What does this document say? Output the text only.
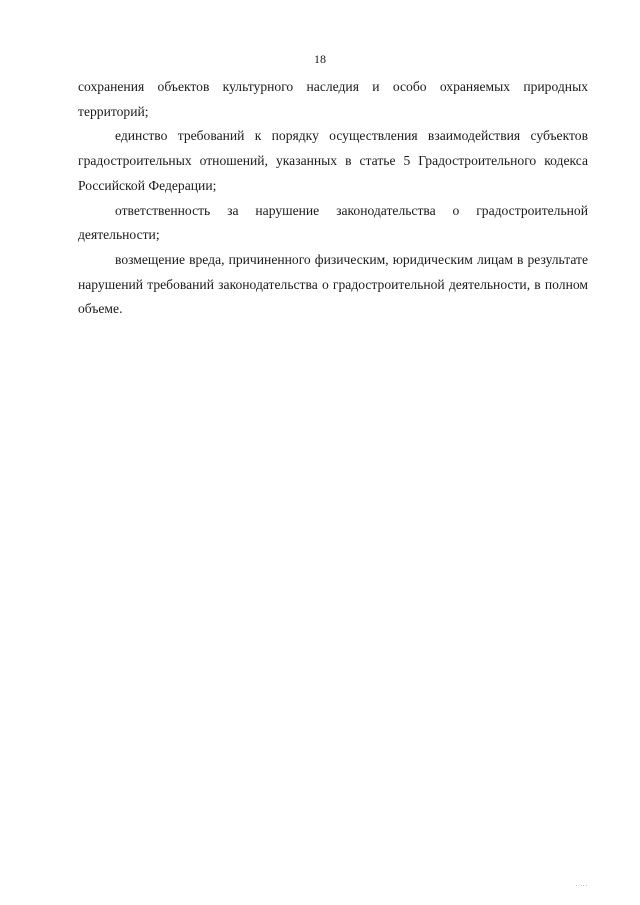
18

сохранения объектов культурного наследия и особо охраняемых природных территорий;

единство требований к порядку осуществления взаимодействия субъектов градостроительных отношений, указанных в статье 5 Градостроительного кодекса Российской Федерации;

ответственность за нарушение законодательства о градостроительной деятельности;

возмещение вреда, причиненного физическим, юридическим лицам в результате нарушений требований законодательства о градостроительной деятельности, в полном объеме.

. ...
